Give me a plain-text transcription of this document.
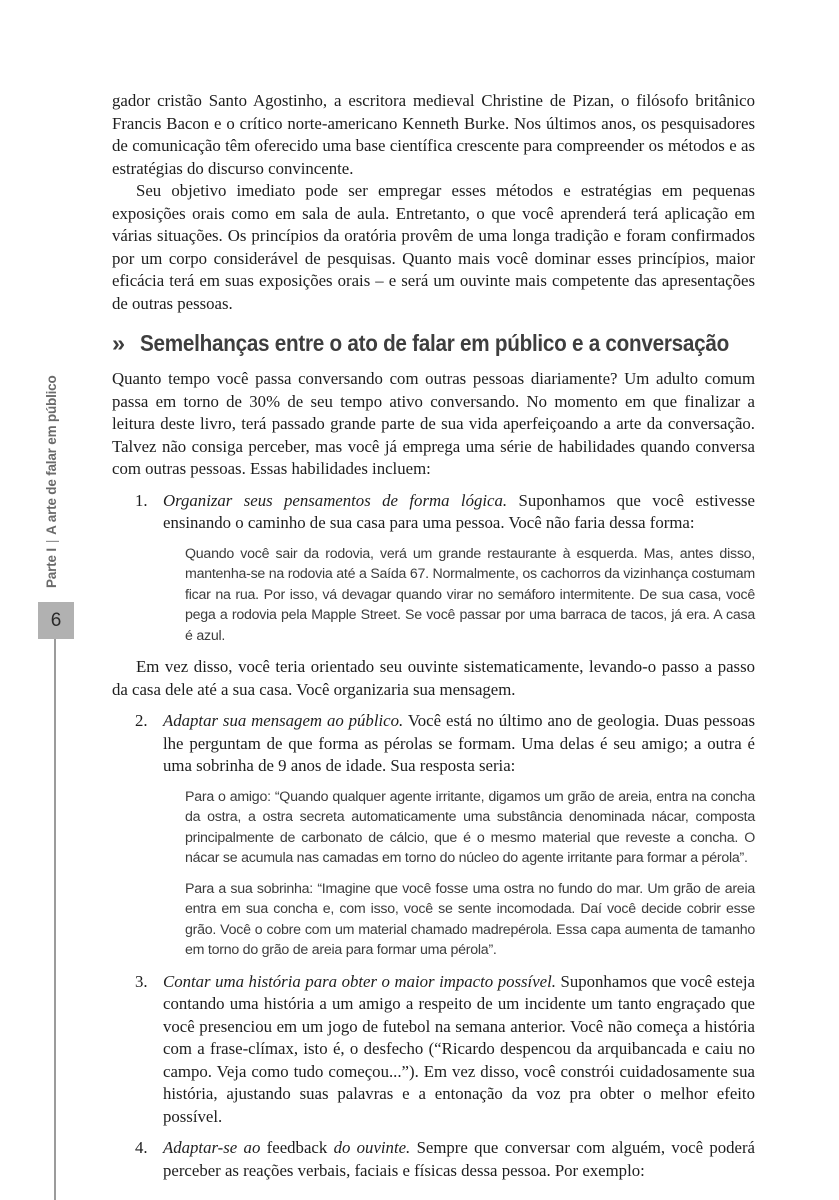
Parte I|A arte de falar em público
6

gador cristão Santo Agostinho, a escritora medieval Christine de Pizan, o filósofo britânico Francis Bacon e o crítico norte-americano Kenneth Burke. Nos últimos anos, os pesquisadores de comunicação têm oferecido uma base científica crescente para compreender os métodos e as estratégias do discurso convincente.

Seu objetivo imediato pode ser empregar esses métodos e estratégias em pequenas exposições orais como em sala de aula. Entretanto, o que você aprenderá terá aplicação em várias situações. Os princípios da oratória provêm de uma longa tradição e foram confirmados por um corpo considerável de pesquisas. Quanto mais você dominar esses princípios, maior eficácia terá em suas exposições orais – e será um ouvinte mais competente das apresentações de outras pessoas.

» Semelhanças entre o ato de falar em público e a conversação

Quanto tempo você passa conversando com outras pessoas diariamente? Um adulto comum passa em torno de 30% de seu tempo ativo conversando. No momento em que finalizar a leitura deste livro, terá passado grande parte de sua vida aperfeiçoando a arte da conversação. Talvez não consiga perceber, mas você já emprega uma série de habilidades quando conversa com outras pessoas. Essas habilidades incluem:

1. Organizar seus pensamentos de forma lógica. Suponhamos que você estivesse ensinando o caminho de sua casa para uma pessoa. Você não faria dessa forma:

Quando você sair da rodovia, verá um grande restaurante à esquerda. Mas, antes disso, mantenha-se na rodovia até a Saída 67. Normalmente, os cachorros da vizinhança costumam ficar na rua. Por isso, vá devagar quando virar no semáforo intermitente. De sua casa, você pega a rodovia pela Mapple Street. Se você passar por uma barraca de tacos, já era. A casa é azul.

Em vez disso, você teria orientado seu ouvinte sistematicamente, levando-o passo a passo da casa dele até a sua casa. Você organizaria sua mensagem.

2. Adaptar sua mensagem ao público. Você está no último ano de geologia. Duas pessoas lhe perguntam de que forma as pérolas se formam. Uma delas é seu amigo; a outra é uma sobrinha de 9 anos de idade. Sua resposta seria:

Para o amigo: “Quando qualquer agente irritante, digamos um grão de areia, entra na concha da ostra, a ostra secreta automaticamente uma substância denominada nácar, composta principalmente de carbonato de cálcio, que é o mesmo material que reveste a concha. O nácar se acumula nas camadas em torno do núcleo do agente irritante para formar a pérola”.

Para a sua sobrinha: “Imagine que você fosse uma ostra no fundo do mar. Um grão de areia entra em sua concha e, com isso, você se sente incomodada. Daí você decide cobrir esse grão. Você o cobre com um material chamado madrepérola. Essa capa aumenta de tamanho em torno do grão de areia para formar uma pérola”.

3. Contar uma história para obter o maior impacto possível. Suponhamos que você esteja contando uma história a um amigo a respeito de um incidente um tanto engraçado que você presenciou em um jogo de futebol na semana anterior. Você não começa a história com a frase-clímax, isto é, o desfecho (“Ricardo despencou da arquibancada e caiu no campo. Veja como tudo começou...”). Em vez disso, você constrói cuidadosamente sua história, ajustando suas palavras e a entonação da voz pra obter o melhor efeito possível.
4. Adaptar-se ao feedback do ouvinte. Sempre que conversar com alguém, você poderá perceber as reações verbais, faciais e físicas dessa pessoa. Por exemplo:
